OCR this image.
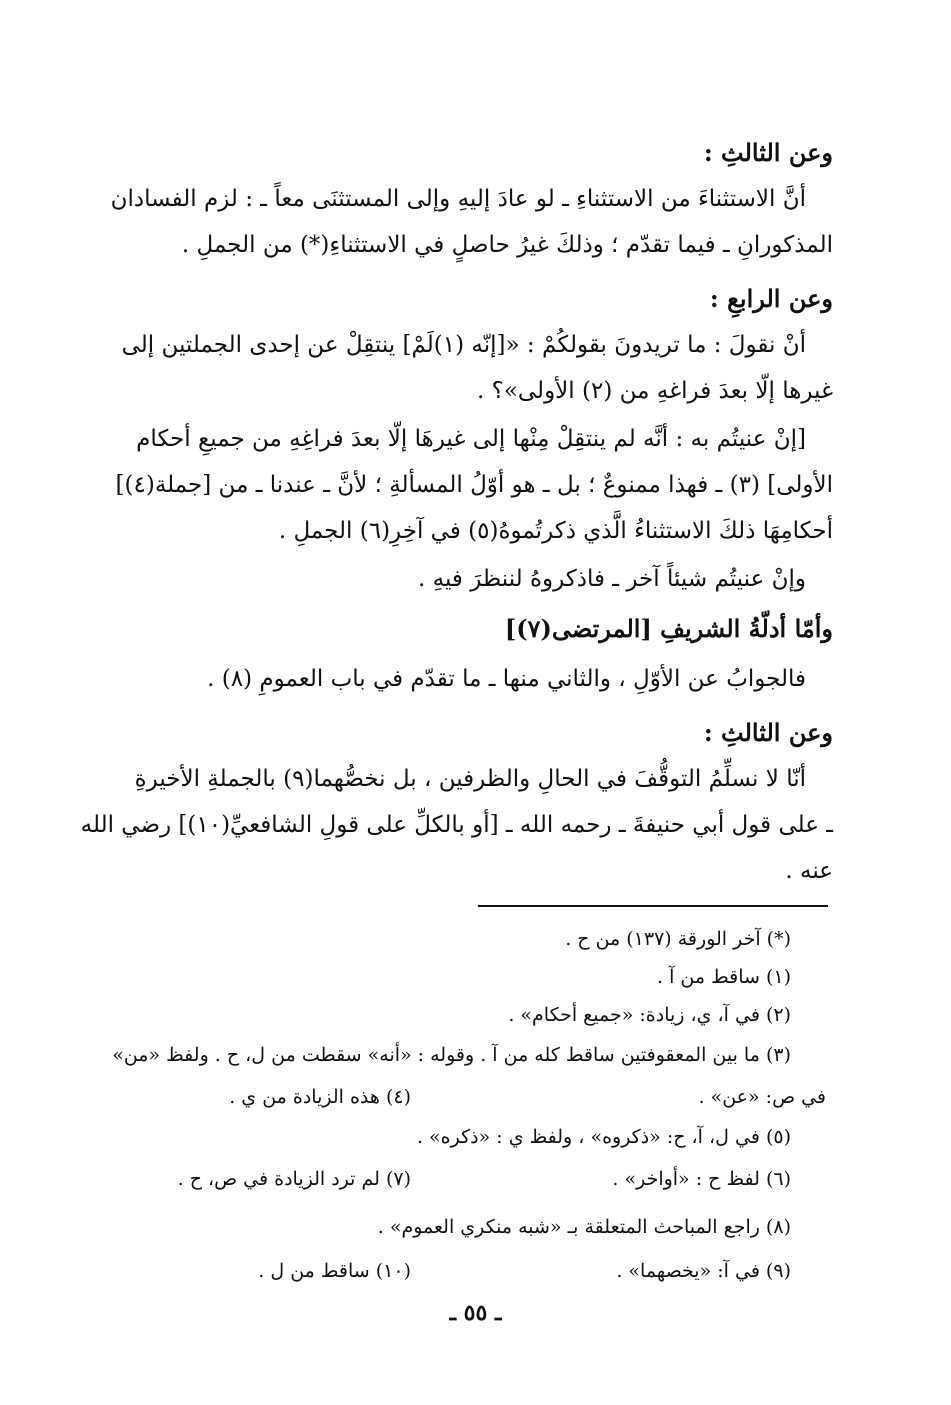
وعن الثالثِ :
أنَّ الاستثناءَ من الاستثناءِ ـ لو عادَ إليهِ وإلى المستثنَى معاً ـ : لزم الفسادان
المذكورانِ ـ فيما تقدّم ؛ وذلكَ غيرُ حاصلٍ في الاستثناءِ(*) من الجملِ .
وعن الرابعِ :
أنْ نقولَ : ما تريدونَ بقولكُمْ : «[إنّه (١)لَمْ] ينتقِلْ عن إحدى الجملتين إلى
غيرها إلّا بعدَ فراغهِ من (٢) الأولى»؟ .
[إنْ عنيتُم به : أنَّه لم ينتقِلْ مِنْها إلى غيرهَا إلّا بعدَ فراغِهِ من جميعِ أحكام
الأولى] (٣) ـ فهذا ممنوعٌ ؛ بل ـ هو أوّلُ المسألةِ ؛ لأنَّ ـ عندنا ـ من [جملة(٤)]
أحكامِهَا ذلكَ الاستثناءُ الَّذي ذكرتُموهُ(٥) في آخِرِ(٦) الجملِ .
وإنْ عنيتُم شيئاً آخر ـ فاذكروهُ لننظرَ فيهِ .
وأمّا أدلّةُ الشريفِ [المرتضى(٧)]
فالجوابُ عن الأوّلِ ، والثاني منها ـ ما تقدّم في باب العمومِ (٨) .
وعن الثالثِ :
أنّا لا نسلِّمُ التوقُّفَ في الحالِ والظرفين ، بل نخصُّهما(٩) بالجملةِ الأخيرةِ
ـ على قول أبي حنيفةَ ـ رحمه الله ـ [أو بالكلِّ على قولِ الشافعيِّ(١٠)] رضي الله
عنه .
(*) آخر الورقة (١٣٧) من ح .
(١) ساقط من آ .
(٢) في آ، ي، زيادة: «جميع أحكام» .
(٣) ما بين المعقوفتين ساقط كله من آ . وقوله : «أنه» سقطت من ل، ح . ولفظ «من»
في ص: «عن» .
(٤) هذه الزيادة من ي .
(٥) في ل، آ، ح: «ذكروه» ، ولفظ ي : «ذكره» .
(٦) لفظ ح : «أواخر» .
(٧) لم ترد الزيادة في ص، ح .
(٨) راجع المباحث المتعلقة بـ «شبه منكري العموم» .
(٩) في آ: «يخصهما» .
(١٠) ساقط من ل .
ـ ٥٥ ـ
